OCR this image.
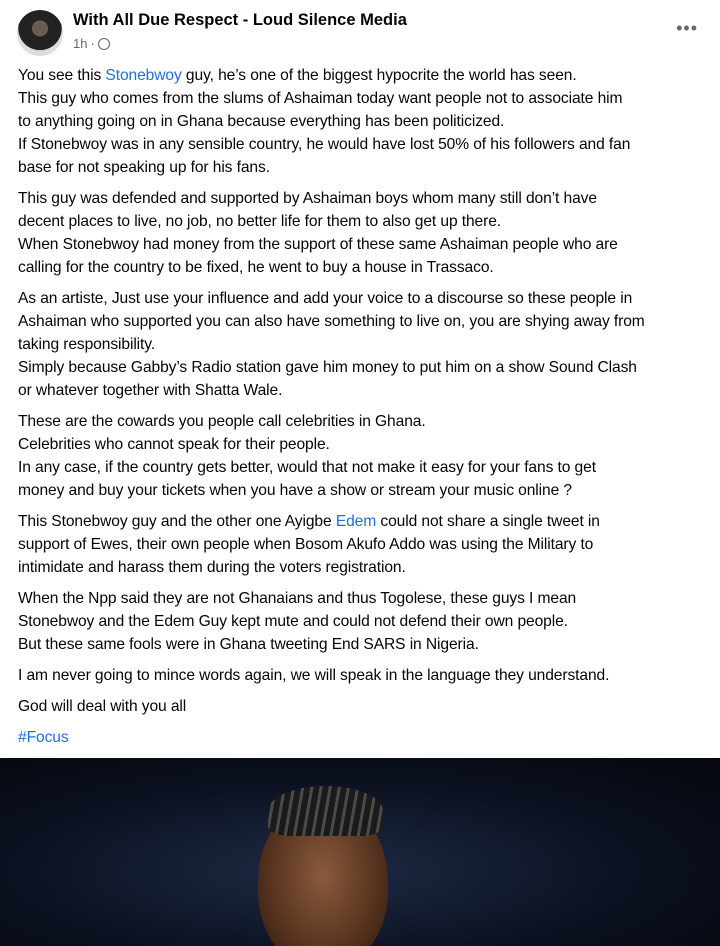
With All Due Respect - Loud Silence Media
1h ·
•••
You see this Stonebwoy guy, he’s one of the biggest hypocrite the world has seen.
This guy who comes from the slums of Ashaiman today want people not to associate him
to anything going on in Ghana because everything has been politicized.
If Stonebwoy was in any sensible country, he would have lost 50% of his followers and fan
base for not speaking up for his fans.
This guy was defended and supported by Ashaiman boys whom many still don’t have
decent places to live, no job, no better life for them to also get up there.
When Stonebwoy had money from the support of these same Ashaiman people who are
calling for the country to be fixed, he went to buy a house in Trassaco.
As an artiste, Just use your influence and add your voice to a discourse so these people in
Ashaiman who supported you can also have something to live on, you are shying away from
taking responsibility.
Simply because Gabby’s Radio station gave him money to put him on a show Sound Clash
or whatever together with Shatta Wale.
These are the cowards you people call celebrities in Ghana.
Celebrities who cannot speak for their people.
In any case, if the country gets better, would that not make it easy for your fans to get
money and buy your tickets when you have a show or stream your music online ?
This Stonebwoy guy and the other one Ayigbe Edem could not share a single tweet in
support of Ewes, their own people when Bosom Akufo Addo was using the Military to
intimidate and harass them during the voters registration.
When the Npp said they are not Ghanaians and thus Togolese, these guys I mean
Stonebwoy and the Edem Guy kept mute and could not defend their own people.
But these same fools were in Ghana tweeting End SARS in Nigeria.
I am never going to mince words again, we will speak in the language they understand.
God will deal with you all
#Focus
